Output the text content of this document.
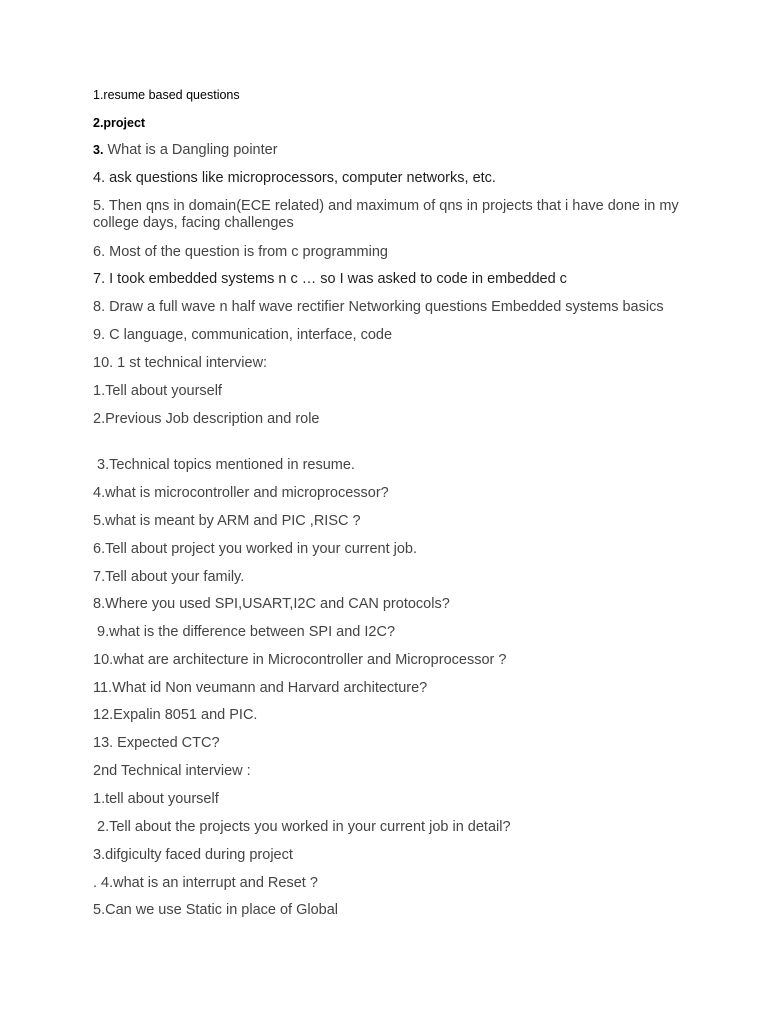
1.resume based questions
2.project
3. What is a Dangling pointer
4. ask questions like microprocessors, computer networks, etc.
5. Then qns in domain(ECE related) and maximum of qns in projects that i have done in my college days, facing challenges
6. Most of the question is from c programming
7. I took embedded systems n c … so I was asked to code in embedded c
8. Draw a full wave n half wave rectifier Networking questions Embedded systems basics
9. C language, communication, interface, code
10. 1 st technical interview:
1.Tell about yourself
2.Previous Job description and role
3.Technical topics mentioned in resume.
4.what is microcontroller and microprocessor?
5.what is meant by ARM and PIC ,RISC ?
6.Tell about project you worked in your current job.
7.Tell about your family.
8.Where you used SPI,USART,I2C and CAN protocols?
9.what is the difference between SPI and I2C?
10.what are architecture in Microcontroller and Microprocessor ?
11.What id Non veumann and Harvard architecture?
12.Expalin 8051 and PIC.
13. Expected CTC?
2nd Technical interview :
1.tell about yourself
2.Tell about the projects you worked in your current job in detail?
3.difgiculty faced during project
. 4.what is an interrupt and Reset ?
5.Can we use Static in place of Global
